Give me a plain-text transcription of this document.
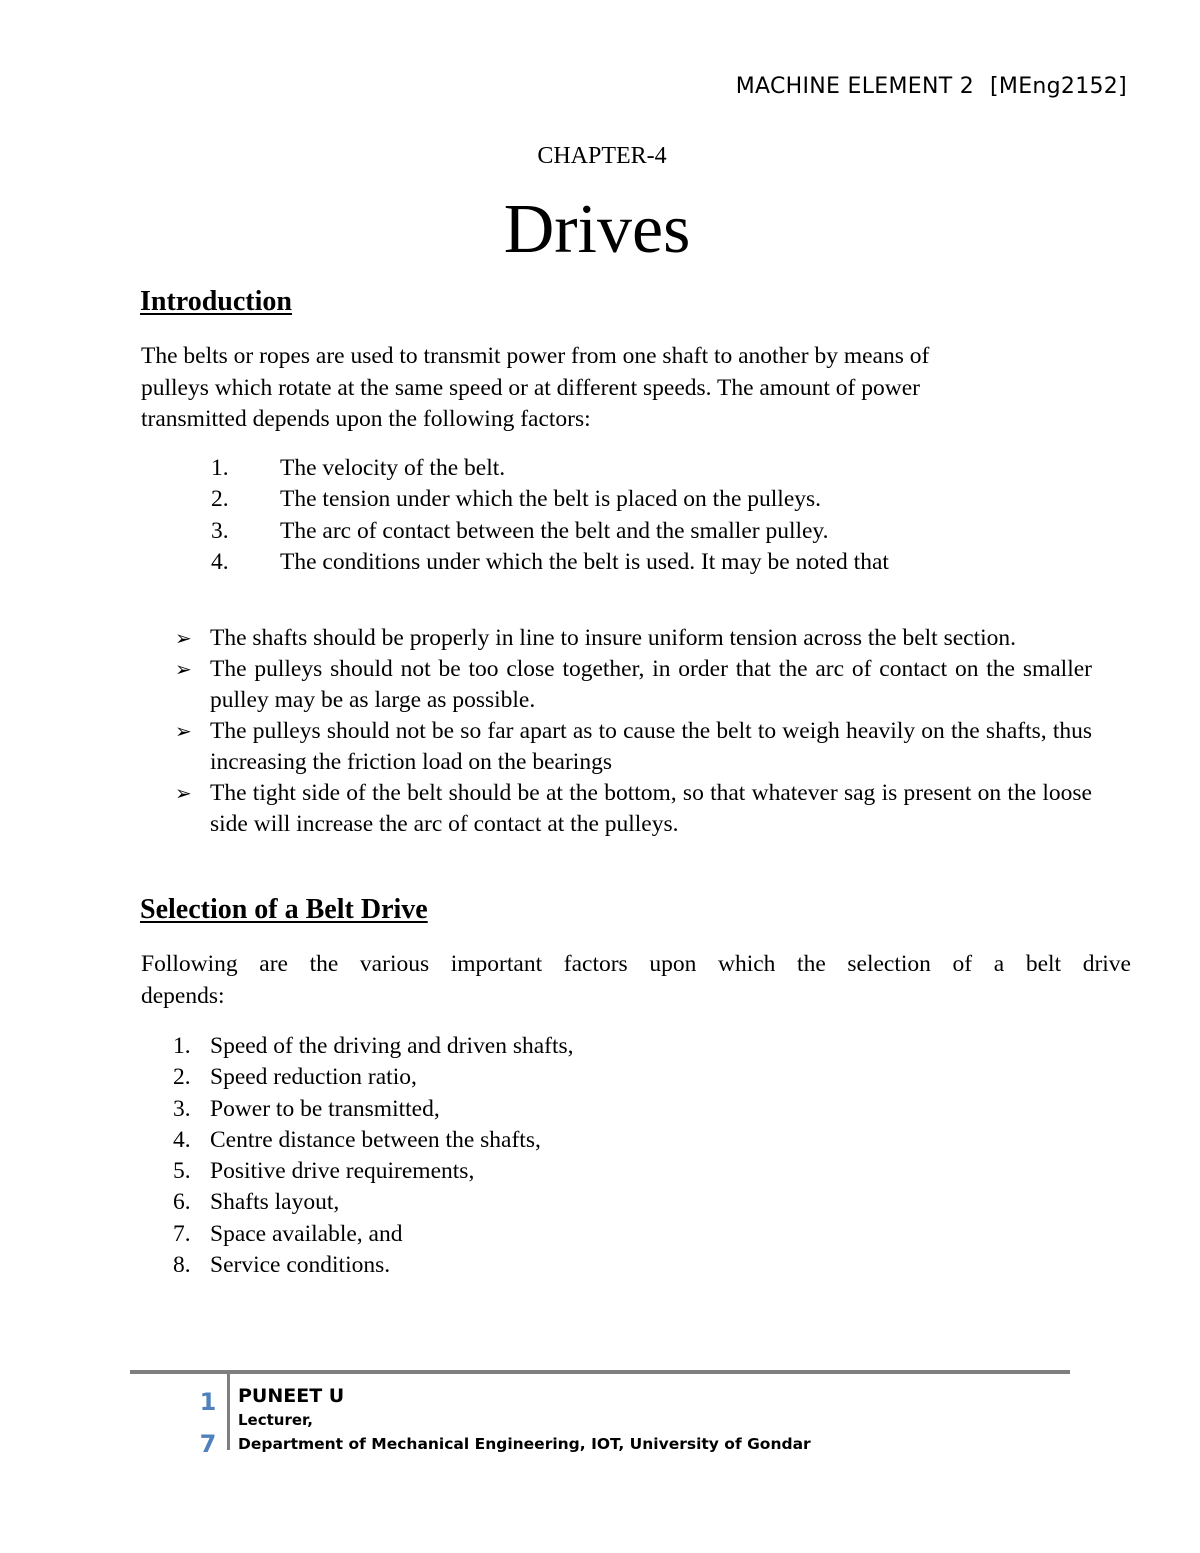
MACHINE ELEMENT 2 [MEng2152]
CHAPTER-4
Drives
Introduction
The belts or ropes are used to transmit power from one shaft to another by means of
pulleys which rotate at the same speed or at different speeds. The amount of power
transmitted depends upon the following factors:
1. The velocity of the belt.
2. The tension under which the belt is placed on the pulleys.
3. The arc of contact between the belt and the smaller pulley.
4. The conditions under which the belt is used. It may be noted that
➢ The shafts should be properly in line to insure uniform tension across the belt section.
➢ The pulleys should not be too close together, in order that the arc of contact on the smaller pulley may be as large as possible.
➢ The pulleys should not be so far apart as to cause the belt to weigh heavily on the shafts, thus increasing the friction load on the bearings
➢ The tight side of the belt should be at the bottom, so that whatever sag is present on the loose side will increase the arc of contact at the pulleys.
Selection of a Belt Drive
Following are the various important factors upon which the selection of a belt drive
depends:
1. Speed of the driving and driven shafts,
2. Speed reduction ratio,
3. Power to be transmitted,
4. Centre distance between the shafts,
5. Positive drive requirements,
6. Shafts layout,
7. Space available, and
8. Service conditions.
1
7
PUNEET U
Lecturer,
Department of Mechanical Engineering, IOT, University of Gondar
